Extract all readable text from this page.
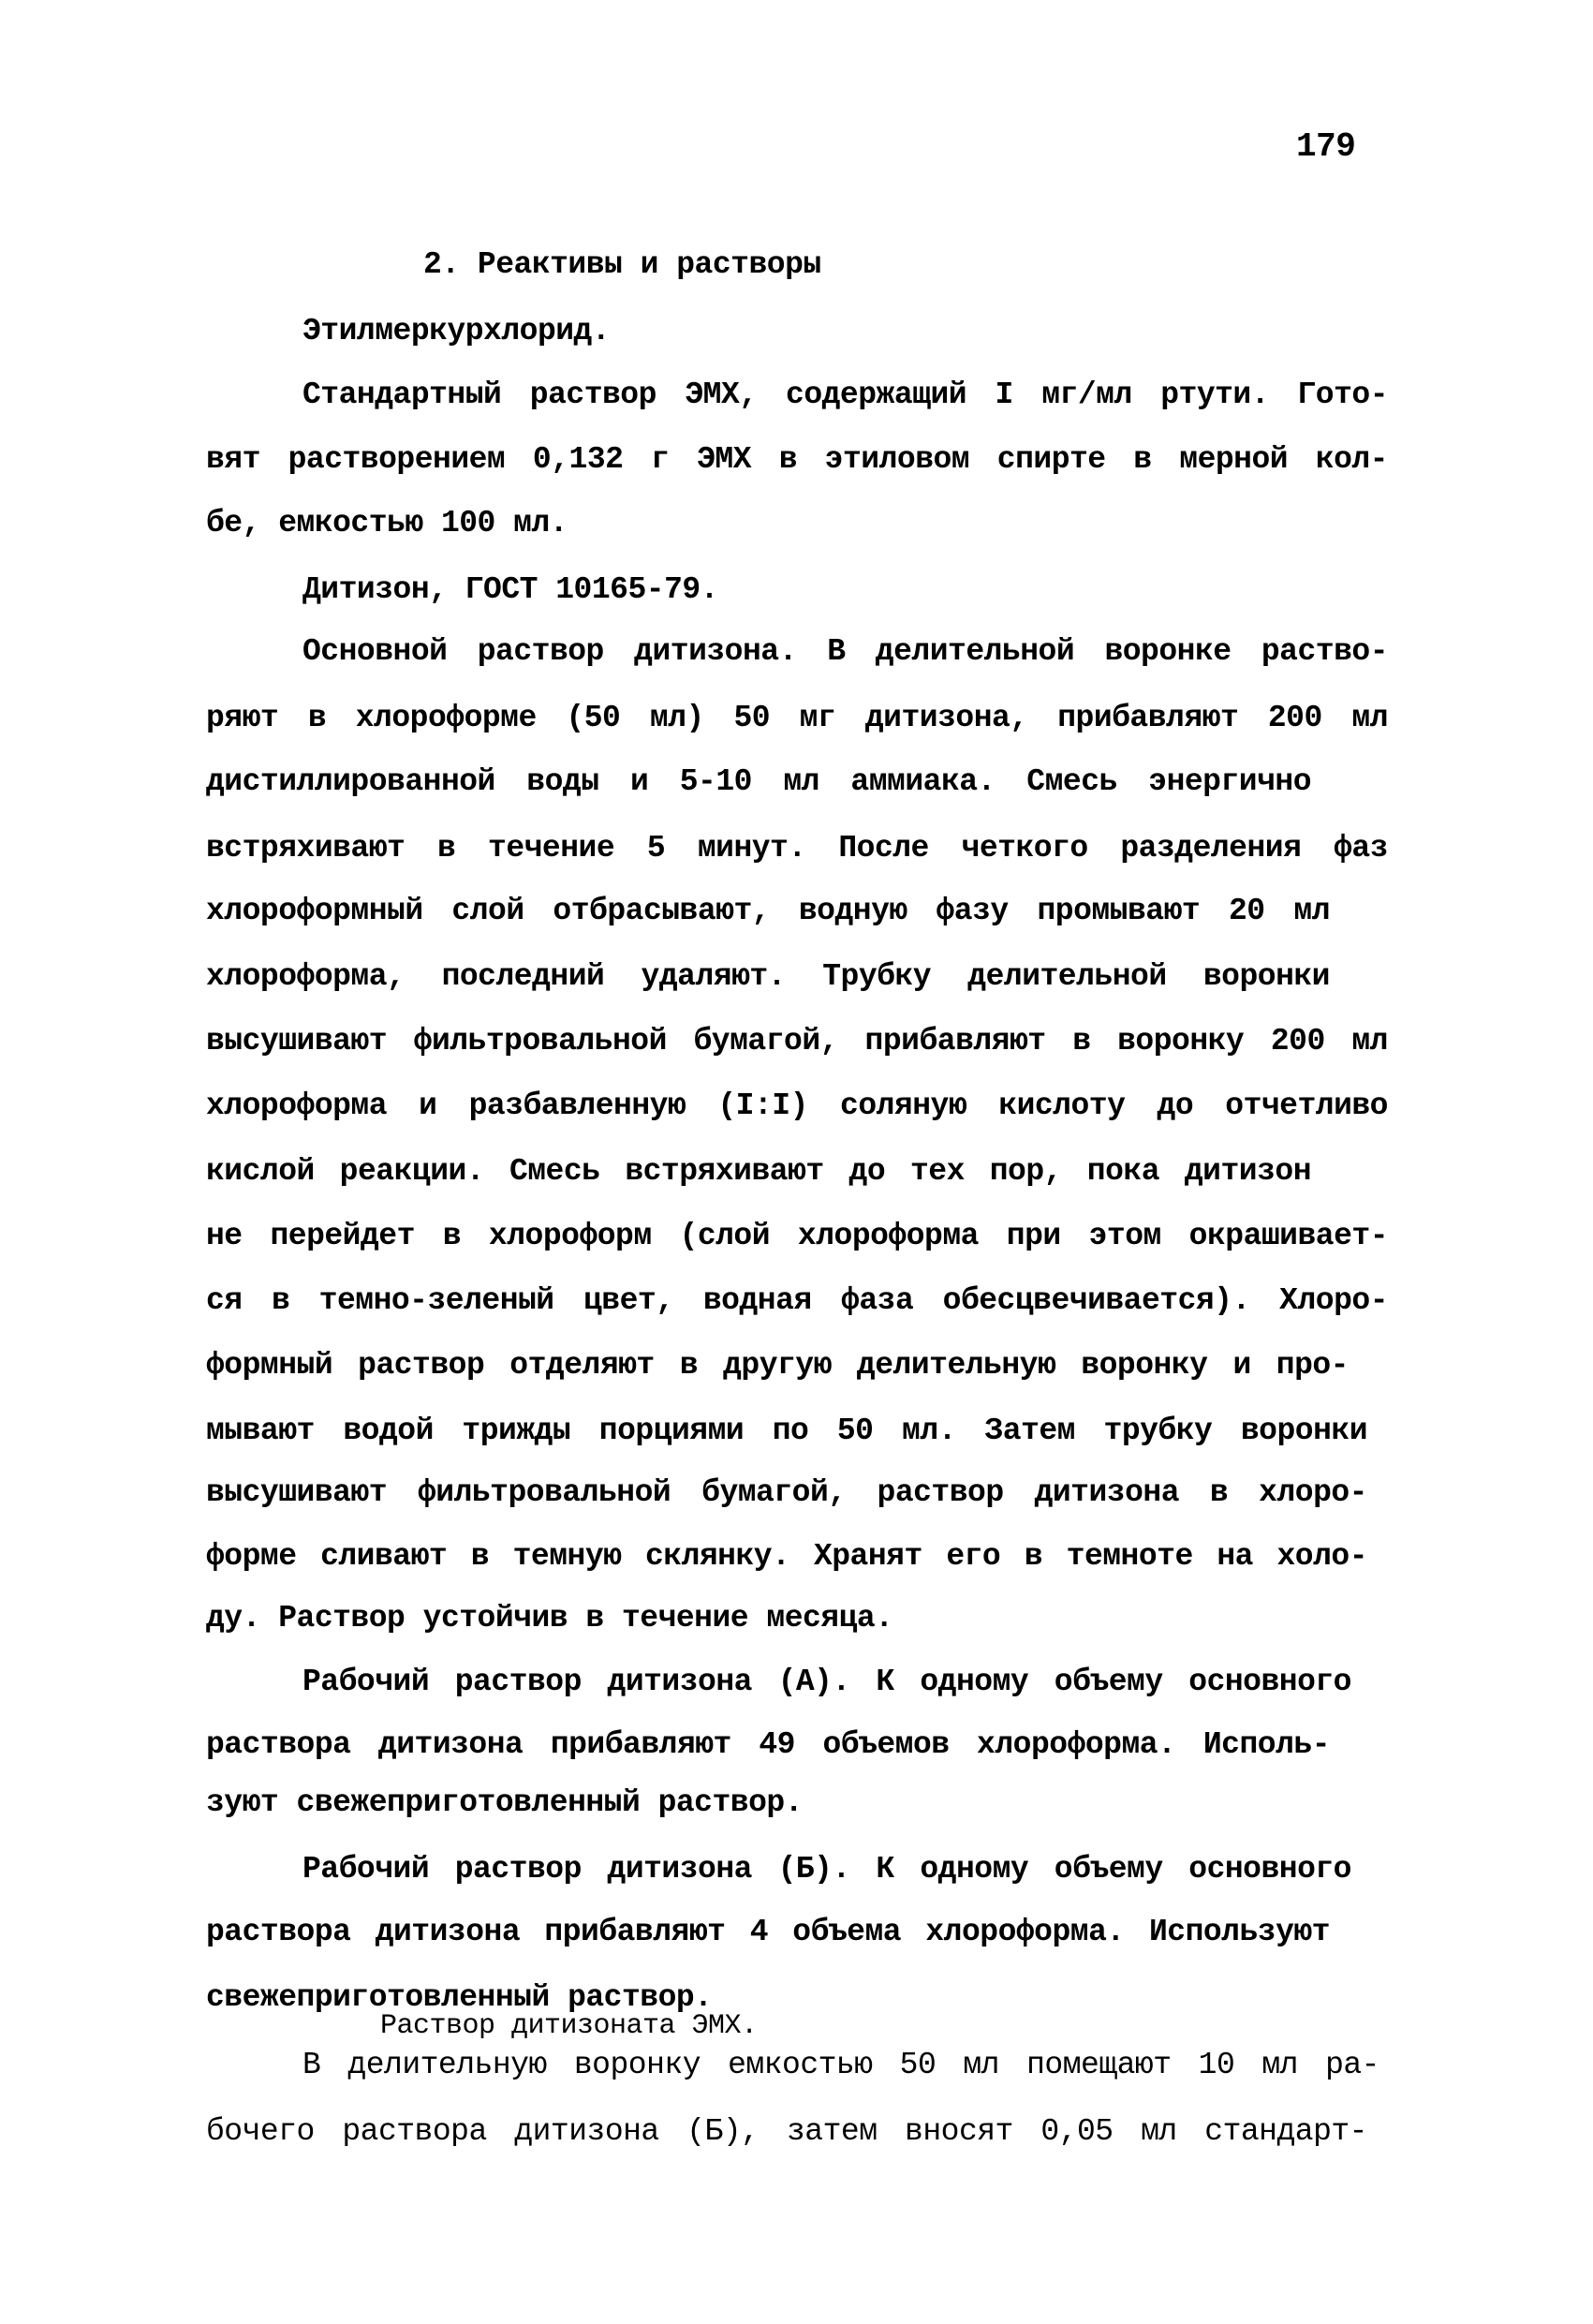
179
2. Реактивы и растворы
Этилмеркурхлорид.
Стандартный раствор ЭМХ, содержащий I мг/мл ртути. Гото-
вят растворением 0,132 г ЭМХ в этиловом спирте в мерной кол-
бе, емкостью 100 мл.
Дитизон, ГОСТ 10165-79.
Основной раствор дитизона. В делительной воронке раство-
ряют в хлороформе (50 мл) 50 мг дитизона, прибавляют 200 мл
дистиллированной воды и 5-10 мл аммиака. Смесь энергично
встряхивают в течение 5 минут. После четкого разделения фаз
хлороформный слой отбрасывают, водную фазу промывают 20 мл
хлороформа, последний удаляют. Трубку делительной воронки
высушивают фильтровальной бумагой, прибавляют в воронку 200 мл
хлороформа и разбавленную (I:I) соляную кислоту до отчетливо
кислой реакции. Смесь встряхивают до тех пор, пока дитизон
не перейдет в хлороформ (слой хлороформа при этом окрашивает-
ся в темно-зеленый цвет, водная фаза обесцвечивается). Хлоро-
формный раствор отделяют в другую делительную воронку и про-
мывают водой трижды порциями по 50 мл. Затем трубку воронки
высушивают фильтровальной бумагой, раствор дитизона в хлоро-
форме сливают в темную склянку. Хранят его в темноте на холо-
ду. Раствор устойчив в течение месяца.
Рабочий раствор дитизона (А). К одному объему основного
раствора дитизона прибавляют 49 объемов хлороформа. Исполь-
зуют свежеприготовленный раствор.
Рабочий раствор дитизона (Б). К одному объему основного
раствора дитизона прибавляют 4 объема хлороформа. Используют
свежеприготовленный раствор.
Раствор дитизоната ЭМХ.
В делительную воронку емкостью 50 мл помещают 10 мл ра-
бочего раствора дитизона (Б), затем вносят 0,05 мл стандарт-
